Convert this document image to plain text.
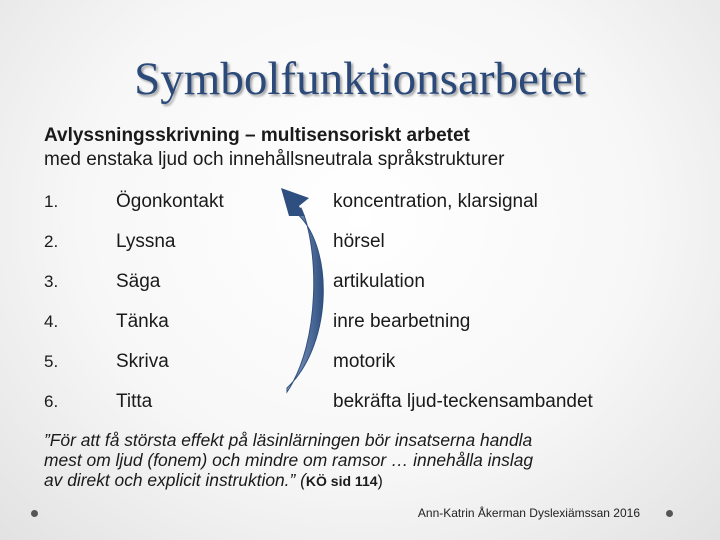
Symbolfunktionsarbetet
Avlyssningsskrivning – multisensoriskt arbetet
med enstaka ljud och innehållsneutrala språkstrukturer
1.	Ögonkontakt	koncentration, klarsignal
2.	Lyssna	hörsel
3.	Säga	artikulation
4.	Tänka	inre bearbetning
5.	Skriva	motorik
6.	Titta	bekräfta ljud-teckensambandet
”För att få största effekt på läsinlärningen bör insatserna handla
mest om ljud (fonem) och mindre om ramsor … innehålla inslag
av direkt och explicit instruktion.” (KÖ sid 114)
Ann-Katrin Åkerman Dyslexiämssan 2016
